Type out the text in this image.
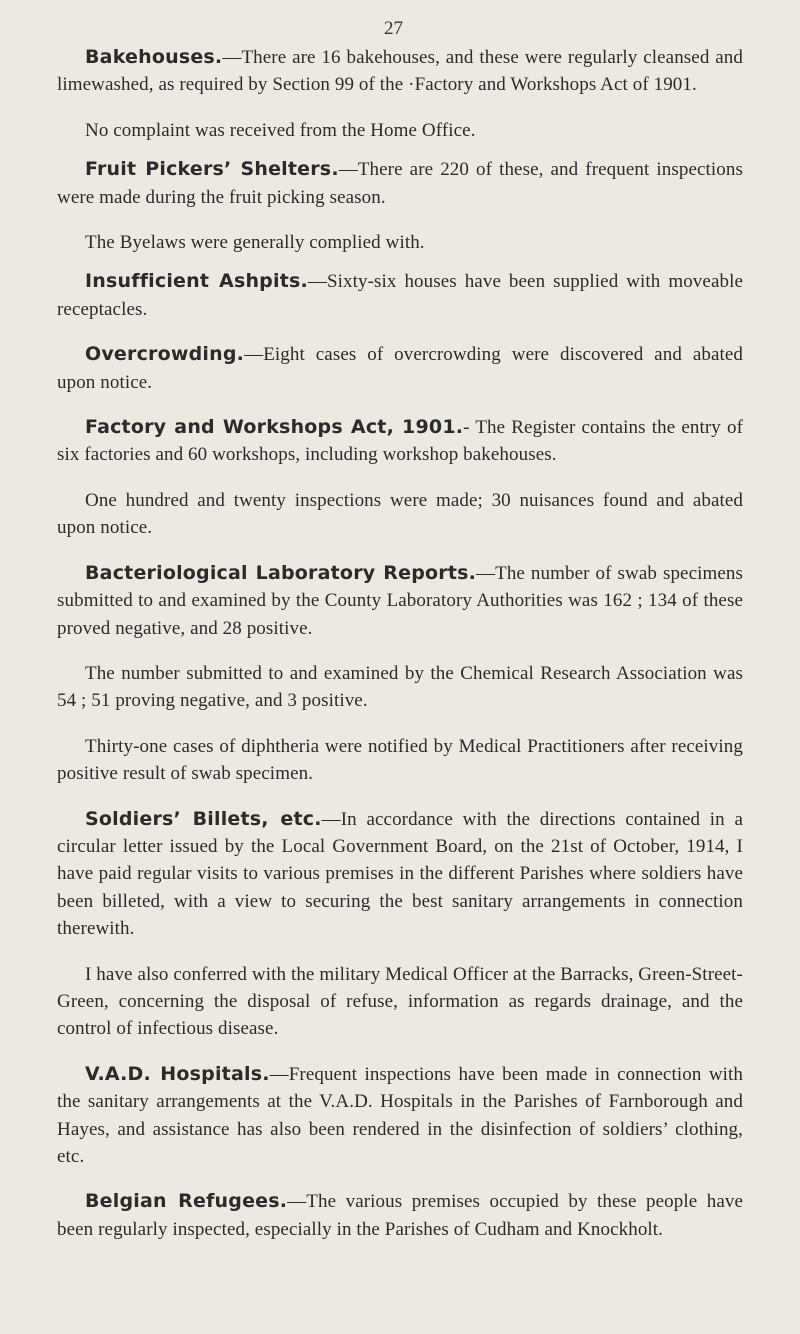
27

Bakehouses.—There are 16 bakehouses, and these were regularly cleansed and limewashed, as required by Section 99 of the ·Factory and Workshops Act of 1901.

No complaint was received from the Home Office.

Fruit Pickers’ Shelters.—There are 220 of these, and frequent inspections were made during the fruit picking season.

The Byelaws were generally complied with.

Insufficient Ashpits.—Sixty-six houses have been supplied with moveable receptacles.

Overcrowding.—Eight cases of overcrowding were discovered and abated upon notice.

Factory and Workshops Act, 1901.- The Register contains the entry of six factories and 60 workshops, including workshop bakehouses.

One hundred and twenty inspections were made; 30 nuisances found and abated upon notice.

Bacteriological Laboratory Reports.—The number of swab specimens submitted to and examined by the County Laboratory Authorities was 162 ; 134 of these proved negative, and 28 positive.

The number submitted to and examined by the Chemical Research Association was 54 ; 51 proving negative, and 3 positive.

Thirty-one cases of diphtheria were notified by Medical Practitioners after receiving positive result of swab specimen.

Soldiers’ Billets, etc.—In accordance with the directions contained in a circular letter issued by the Local Government Board, on the 21st of October, 1914, I have paid regular visits to various premises in the different Parishes where soldiers have been billeted, with a view to securing the best sanitary arrangements in connection therewith.

I have also conferred with the military Medical Officer at the Barracks, Green-Street-Green, concerning the disposal of refuse, information as regards drainage, and the control of infectious disease.

V.A.D. Hospitals.—Frequent inspections have been made in connection with the sanitary arrangements at the V.A.D. Hospitals in the Parishes of Farnborough and Hayes, and assistance has also been rendered in the disinfection of soldiers’ clothing, etc.

Belgian Refugees.—The various premises occupied by these people have been regularly inspected, especially in the Parishes of Cudham and Knockholt.
